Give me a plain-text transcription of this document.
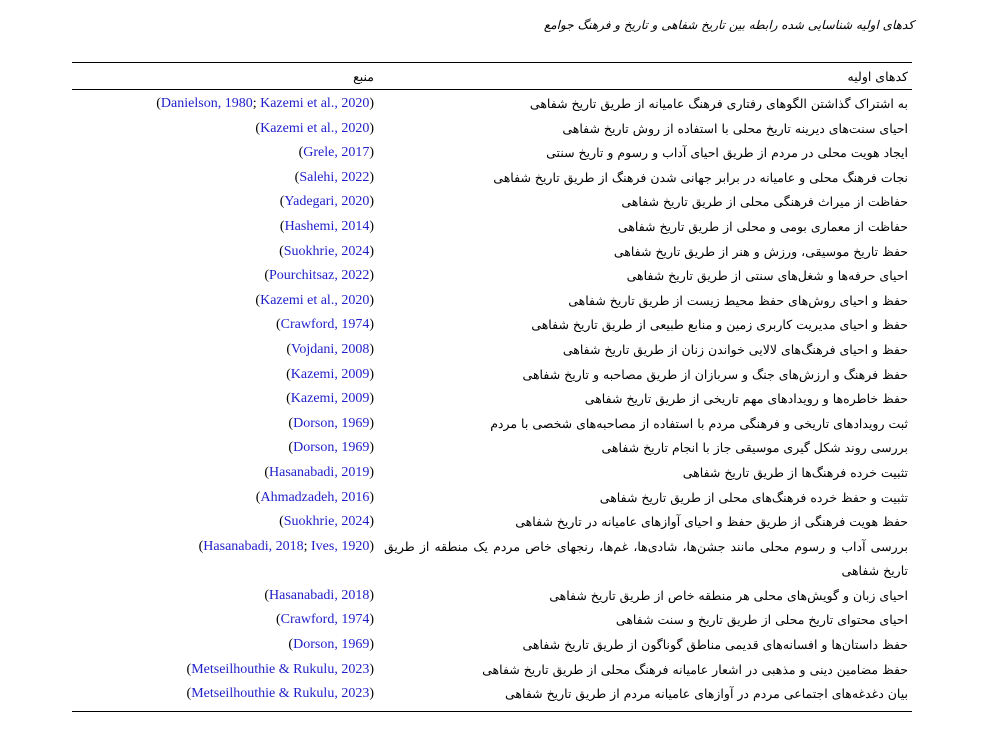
کدهای اولیه شناسایی شده رابطه بین تاریخ شفاهی و تاریخ و فرهنگ جوامع
کدهای اولیه
منبع
به اشتراک گذاشتن الگوهای رفتاری فرهنگ عامیانه از طریق تاریخ شفاهی
(Danielson, 1980; Kazemi et al., 2020)
احیای سنت‌های دیرینه تاریخ محلی با استفاده از روش تاریخ شفاهی
(Kazemi et al., 2020)
ایجاد هویت محلی در مردم از طریق احیای آداب و رسوم و تاریخ سنتی
(Grele, 2017)
نجات فرهنگ محلی و عامیانه در برابر جهانی شدن فرهنگ از طریق تاریخ شفاهی
(Salehi, 2022)
حفاظت از میراث فرهنگی محلی از طریق تاریخ شفاهی
(Yadegari, 2020)
حفاظت از معماری بومی و محلی از طریق تاریخ شفاهی
(Hashemi, 2014)
حفظ تاریخ موسیقی، ورزش و هنر از طریق تاریخ شفاهی
(Suokhrie, 2024)
احیای حرفه‌ها و شغل‌های سنتی از طریق تاریخ شفاهی
(Pourchitsaz, 2022)
حفظ و احیای روش‌های حفظ محیط زیست از طریق تاریخ شفاهی
(Kazemi et al., 2020)
حفظ و احیای مدیریت کاربری زمین و منابع طبیعی از طریق تاریخ شفاهی
(Crawford, 1974)
حفظ و احیای فرهنگ‌های لالایی خواندن زنان از طریق تاریخ شفاهی
(Vojdani, 2008)
حفظ فرهنگ و ارزش‌های جنگ و سربازان از طریق مصاحبه و تاریخ شفاهی
(Kazemi, 2009)
حفظ خاطره‌ها و رویدادهای مهم تاریخی از طریق تاریخ شفاهی
(Kazemi, 2009)
ثبت رویدادهای تاریخی و فرهنگی مردم با استفاده از مصاحبه‌های شخصی با مردم
(Dorson, 1969)
بررسی روند شکل گیری موسیقی جاز با انجام تاریخ شفاهی
(Dorson, 1969)
تثبیت خرده فرهنگ‌ها از طریق تاریخ شفاهی
(Hasanabadi, 2019)
تثبیت و حفظ خرده فرهنگ‌های محلی از طریق تاریخ شفاهی
(Ahmadzadeh, 2016)
حفظ هویت فرهنگی از طریق حفظ و احیای آوازهای عامیانه در تاریخ شفاهی
(Suokhrie, 2024)
بررسی آداب و رسوم محلی مانند جشن‌ها، شادی‌ها، غم‌ها، رنجهای خاص مردم یک منطقه از طریق تاریخ شفاهی
(Hasanabadi, 2018; Ives, 1920)
احیای زبان و گویش‌های محلی هر منطقه خاص از طریق تاریخ شفاهی
(Hasanabadi, 2018)
احیای محتوای تاریخ محلی از طریق تاریخ و سنت شفاهی
(Crawford, 1974)
حفظ داستان‌ها و افسانه‌های قدیمی مناطق گوناگون از طریق تاریخ شفاهی
(Dorson, 1969)
حفظ مضامین دینی و مذهبی در اشعار عامیانه فرهنگ محلی از طریق تاریخ شفاهی
(Metseilhouthie & Rukulu, 2023)
بیان دغدغه‌های اجتماعی مردم در آوازهای عامیانه مردم از طریق تاریخ شفاهی
(Metseilhouthie & Rukulu, 2023)
